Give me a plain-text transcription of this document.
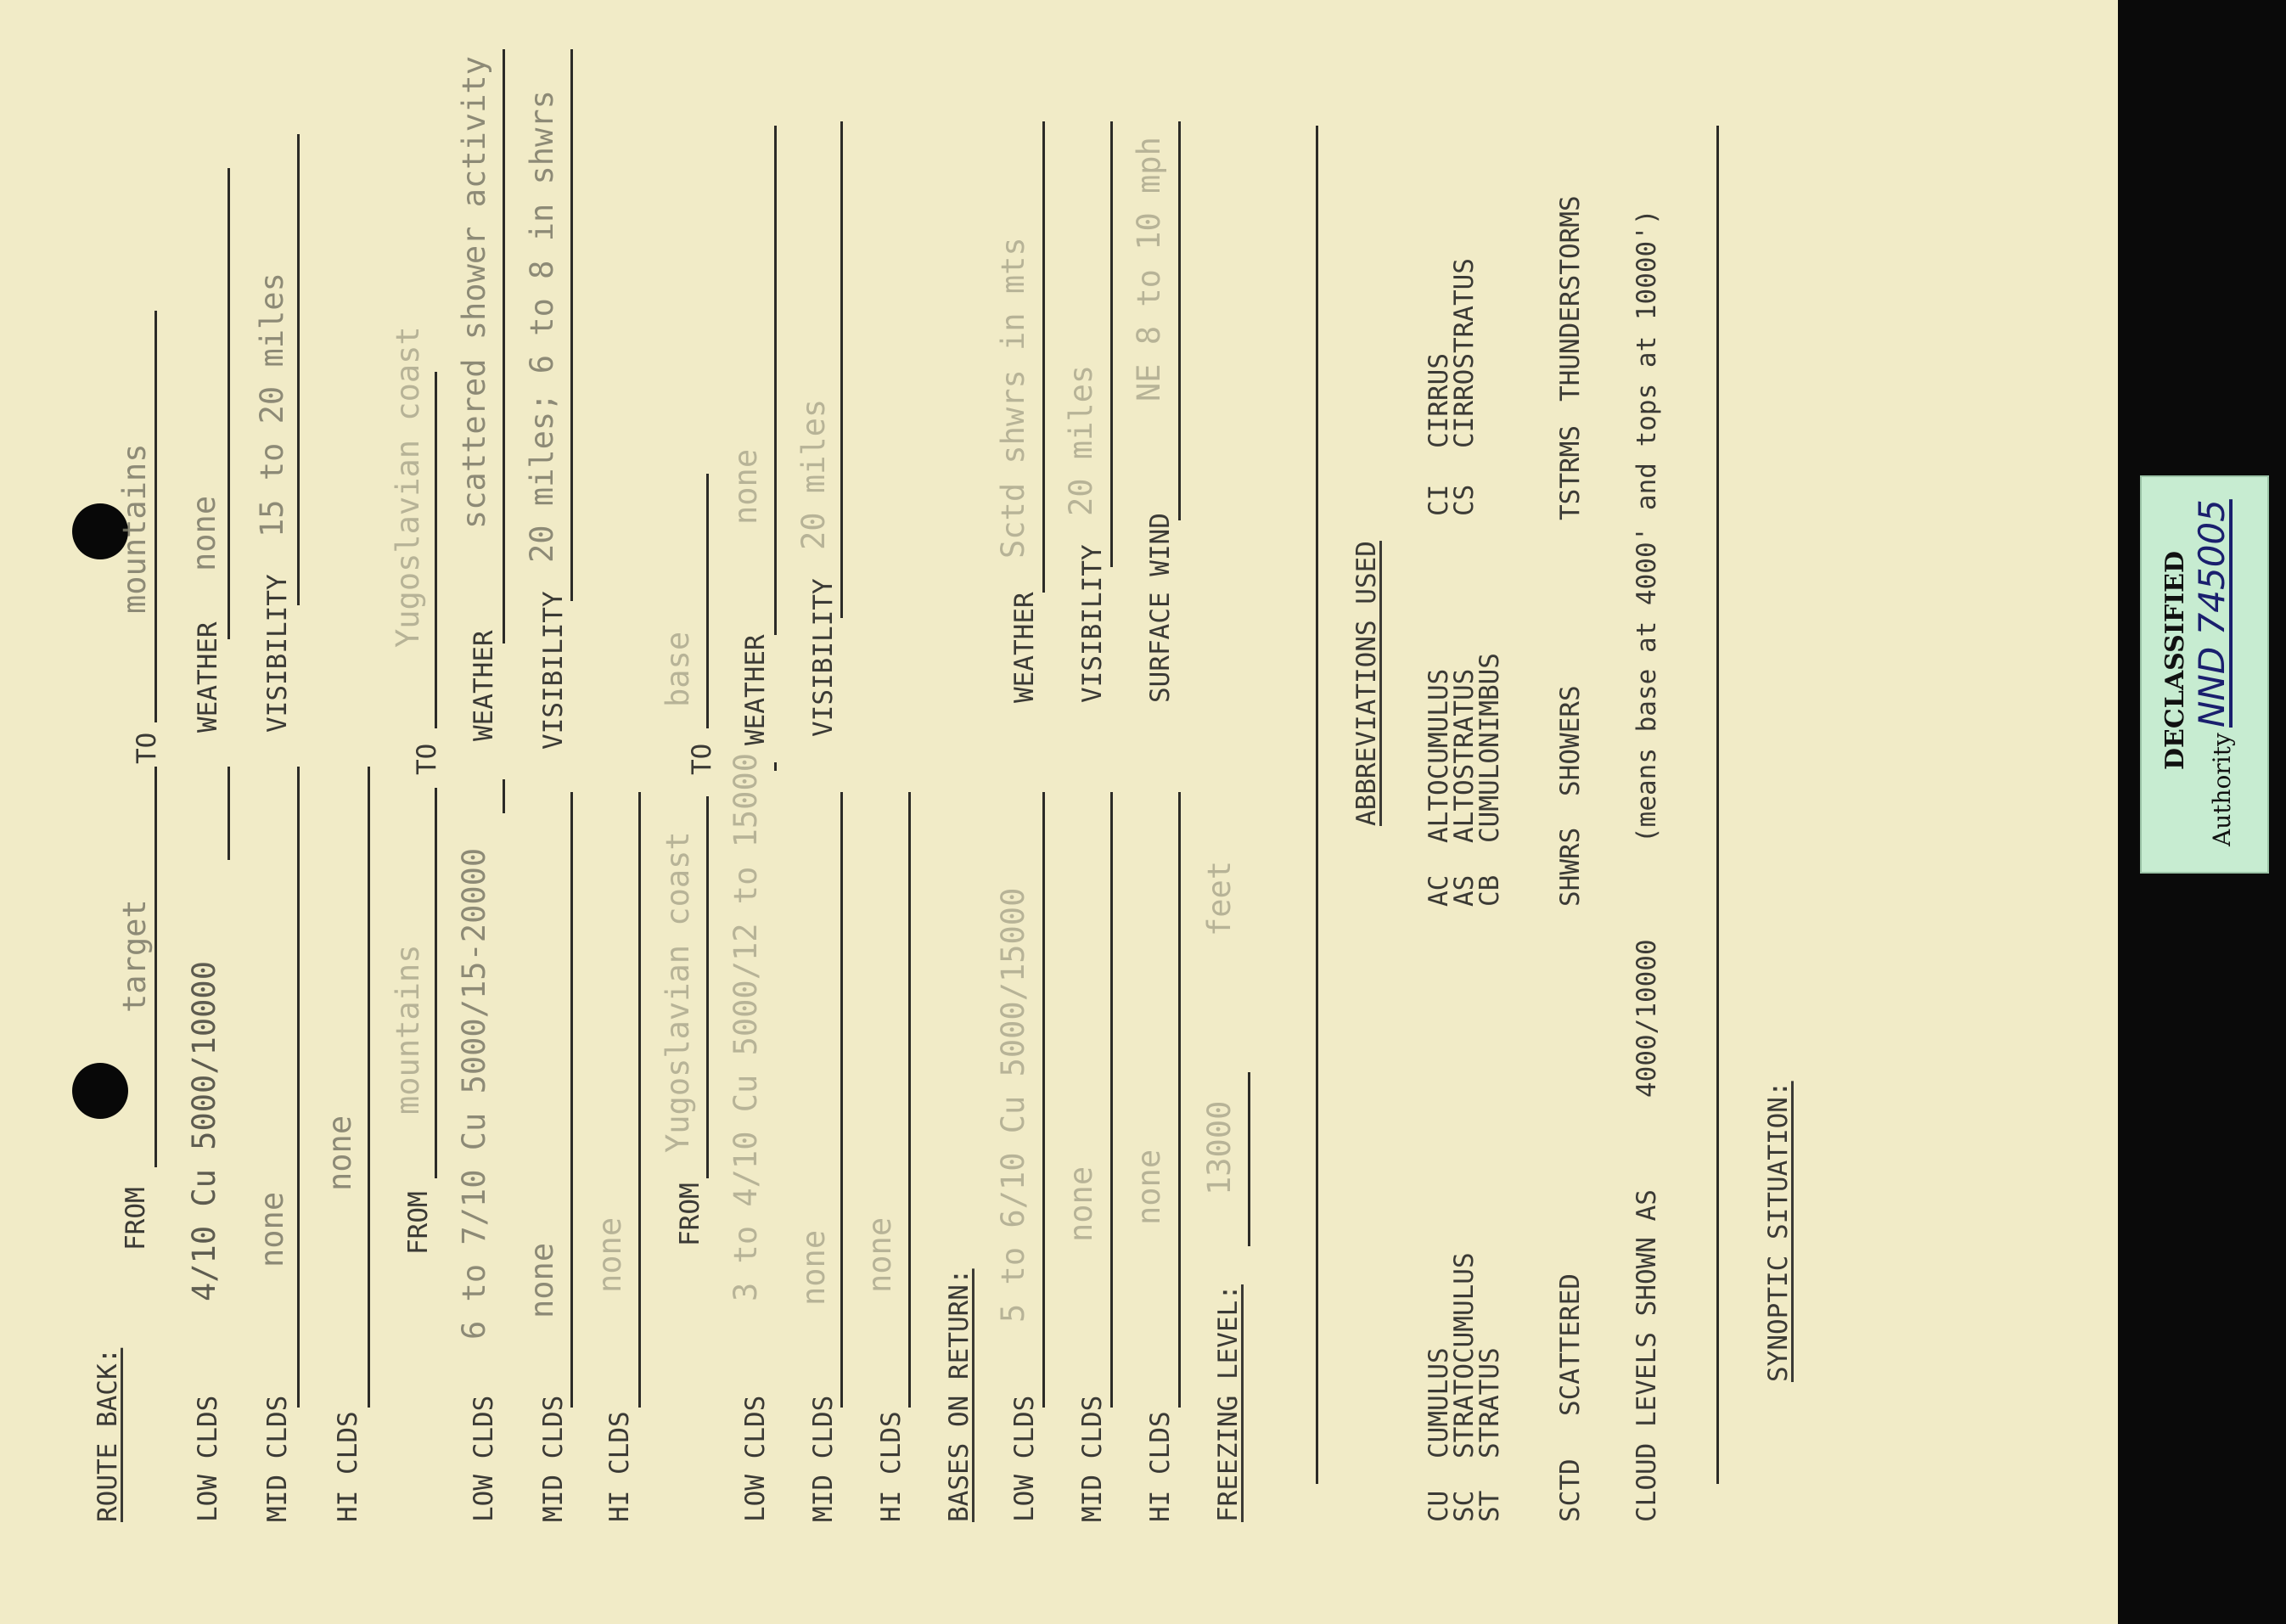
ROUTE BACK:
FROM
target
TO
mountains
LOW CLDS
4/10 Cu 5000/10000
WEATHER
none
MID CLDS
none
VISIBILITY
15 to 20 miles
HI CLDS
none
FROM
mountains
TO
Yugoslavian coast
LOW CLDS
6 to 7/10 Cu 5000/15-20000
WEATHER
scattered shower activity
MID CLDS
none
VISIBILITY
20 miles; 6 to 8 in shwrs
HI CLDS
none
FROM
Yugoslavian coast
TO
base
LOW CLDS
3 to 4/10 Cu 5000/12 to 15000
WEATHER
none
MID CLDS
none
VISIBILITY
20 miles
HI CLDS
none
BASES ON RETURN: LOW CLDS
5 to 6/10 Cu 5000/15000
WEATHER
Sctd shwrs in mts
MID CLDS
none
VISIBILITY
20 miles
HI CLDS
none
SURFACE WIND
NE 8 to 10 mph
FREEZING LEVEL:
13000
feet
ABBREVIATIONS USED
CU
CUMULUS
SC
STRATOCUMULUS
ST
STRATUS
AC
ALTOCUMULUS
AS
ALTOSTRATUS
CB
CUMULONIMBUS
CI
CIRRUS
CS
CIRROSTRATUS
SCTD
SCATTERED
SHWRS
SHOWERS
TSTRMS
THUNDERSTORMS
CLOUD LEVELS SHOWN AS
4000/10000
(means base at 4000' and tops at 10000')
SYNOPTIC SITUATION:
DECLASSIFIED
Authority
NND 745005
